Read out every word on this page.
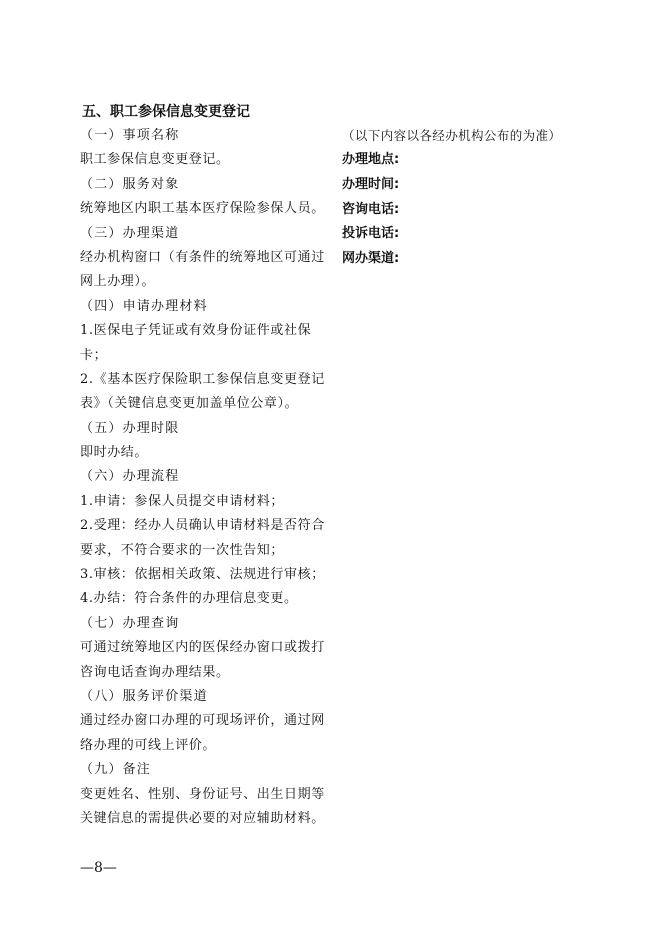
五、职工参保信息变更登记
（一）事项名称
职工参保信息变更登记。
（二）服务对象
统筹地区内职工基本医疗保险参保人员。
（三）办理渠道
经办机构窗口（有条件的统筹地区可通过
网上办理）。
（四）申请办理材料
1.医保电子凭证或有效身份证件或社保
卡；
2.《基本医疗保险职工参保信息变更登记
表》（关键信息变更加盖单位公章）。
（五）办理时限
即时办结。
（六）办理流程
1.申请：参保人员提交申请材料；
2.受理：经办人员确认申请材料是否符合
要求，不符合要求的一次性告知；
3.审核：依据相关政策、法规进行审核；
4.办结：符合条件的办理信息变更。
（七）办理查询
可通过统筹地区内的医保经办窗口或拨打
咨询电话查询办理结果。
（八）服务评价渠道
通过经办窗口办理的可现场评价，通过网
络办理的可线上评价。
（九）备注
变更姓名、性别、身份证号、出生日期等
关键信息的需提供必要的对应辅助材料。
（以下内容以各经办机构公布的为准）
办理地点:
办理时间:
咨询电话:
投诉电话:
网办渠道:
—8—
